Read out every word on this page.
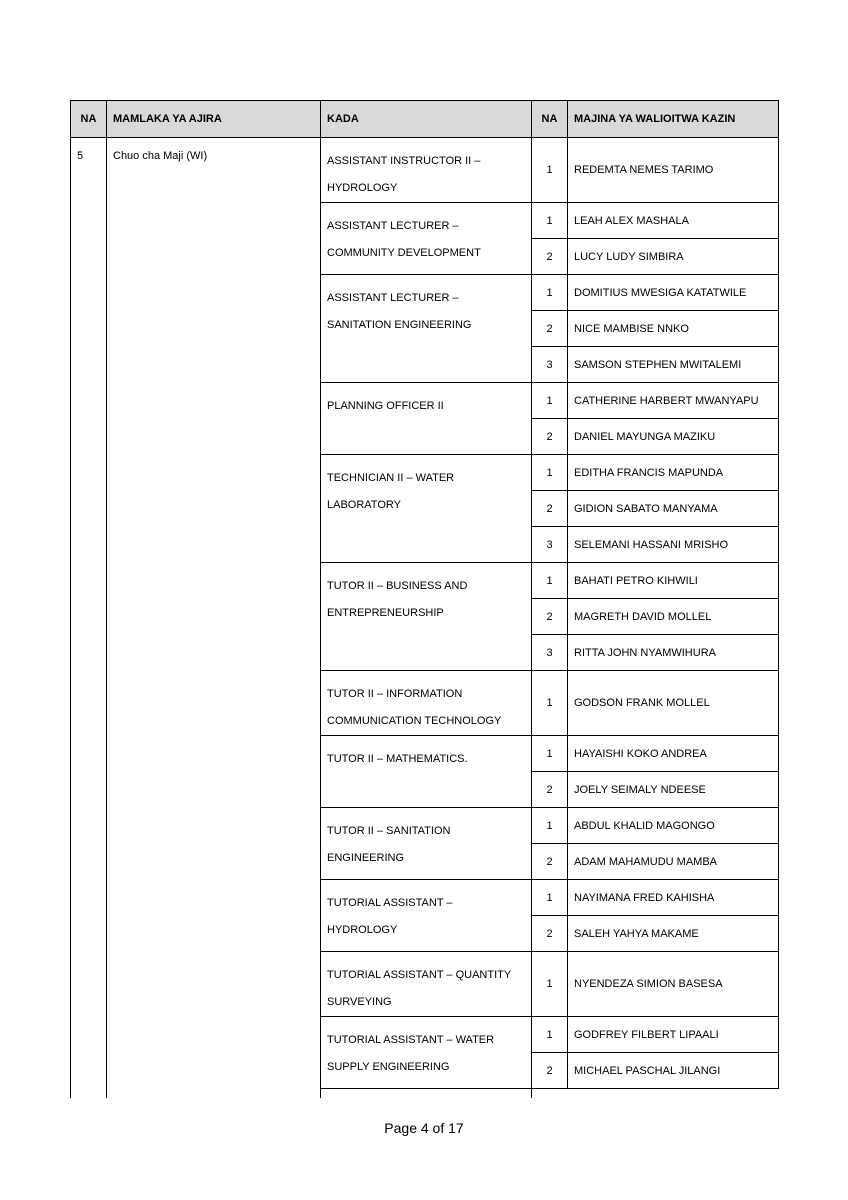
NA	MAMLAKA YA AJIRA	KADA	NA	MAJINA YA WALIOITWA KAZIN
5	Chuo cha Maji (WI)	ASSISTANT INSTRUCTOR II – HYDROLOGY	1	REDEMTA NEMES TARIMO
		ASSISTANT LECTURER – COMMUNITY DEVELOPMENT	1	LEAH ALEX MASHALA
			2	LUCY LUDY SIMBIRA
		ASSISTANT LECTURER – SANITATION ENGINEERING	1	DOMITIUS MWESIGA KATATWILE
			2	NICE MAMBISE NNKO
			3	SAMSON STEPHEN MWITALEMI
		PLANNING OFFICER II	1	CATHERINE HARBERT MWANYAPU
			2	DANIEL MAYUNGA MAZIKU
		TECHNICIAN II – WATER LABORATORY	1	EDITHA FRANCIS MAPUNDA
			2	GIDION SABATO MANYAMA
			3	SELEMANI HASSANI MRISHO
		TUTOR II – BUSINESS AND ENTREPRENEURSHIP	1	BAHATI PETRO KIHWILI
			2	MAGRETH DAVID MOLLEL
			3	RITTA JOHN NYAMWIHURA
		TUTOR II – INFORMATION COMMUNICATION TECHNOLOGY	1	GODSON FRANK MOLLEL
		TUTOR II – MATHEMATICS.	1	HAYAISHI KOKO ANDREA
			2	JOELY SEIMALY NDEESE
		TUTOR II – SANITATION ENGINEERING	1	ABDUL KHALID MAGONGO
			2	ADAM MAHAMUDU MAMBA
		TUTORIAL ASSISTANT – HYDROLOGY	1	NAYIMANA FRED KAHISHA
			2	SALEH YAHYA MAKAME
		TUTORIAL ASSISTANT – QUANTITY SURVEYING	1	NYENDEZA SIMION BASESA
		TUTORIAL ASSISTANT – WATER SUPPLY ENGINEERING	1	GODFREY FILBERT LIPAALI
			2	MICHAEL PASCHAL JILANGI

Page 4 of 17
